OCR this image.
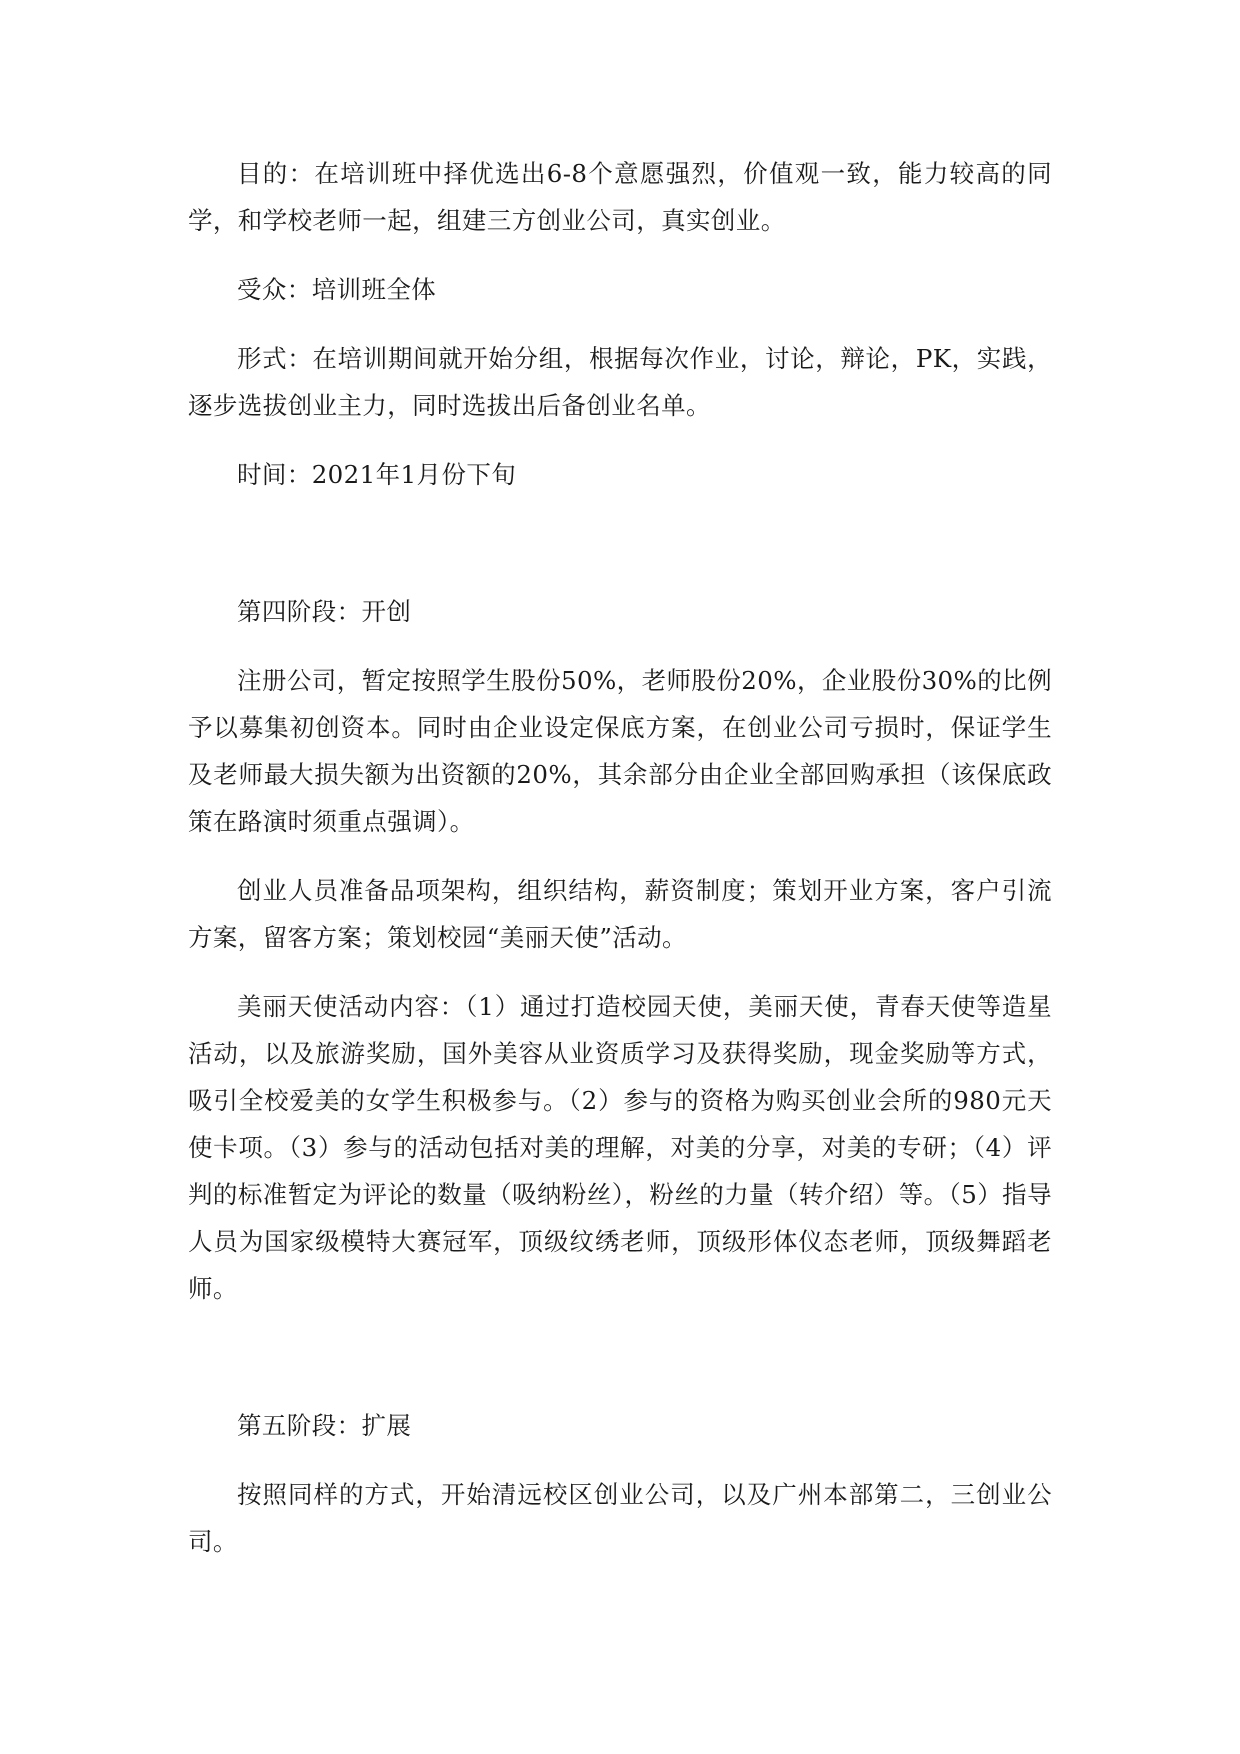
目的：在培训班中择优选出6-8个意愿强烈，价值观一致，能力较高的同学，和学校老师一起，组建三方创业公司，真实创业。

受众：培训班全体

形式：在培训期间就开始分组，根据每次作业，讨论，辩论，PK，实践，逐步选拔创业主力，同时选拔出后备创业名单。

时间：2021年1月份下旬

第四阶段：开创

注册公司，暂定按照学生股份50%，老师股份20%，企业股份30%的比例予以募集初创资本。同时由企业设定保底方案，在创业公司亏损时，保证学生及老师最大损失额为出资额的20%，其余部分由企业全部回购承担（该保底政策在路演时须重点强调）。

创业人员准备品项架构，组织结构，薪资制度；策划开业方案，客户引流方案，留客方案；策划校园“美丽天使”活动。

美丽天使活动内容：（1）通过打造校园天使，美丽天使，青春天使等造星活动，以及旅游奖励，国外美容从业资质学习及获得奖励，现金奖励等方式，吸引全校爱美的女学生积极参与。（2）参与的资格为购买创业会所的980元天使卡项。（3）参与的活动包括对美的理解，对美的分享，对美的专研；（4）评判的标准暂定为评论的数量（吸纳粉丝），粉丝的力量（转介绍）等。（5）指导人员为国家级模特大赛冠军，顶级纹绣老师，顶级形体仪态老师，顶级舞蹈老师。

第五阶段：扩展

按照同样的方式，开始清远校区创业公司，以及广州本部第二，三创业公司。
